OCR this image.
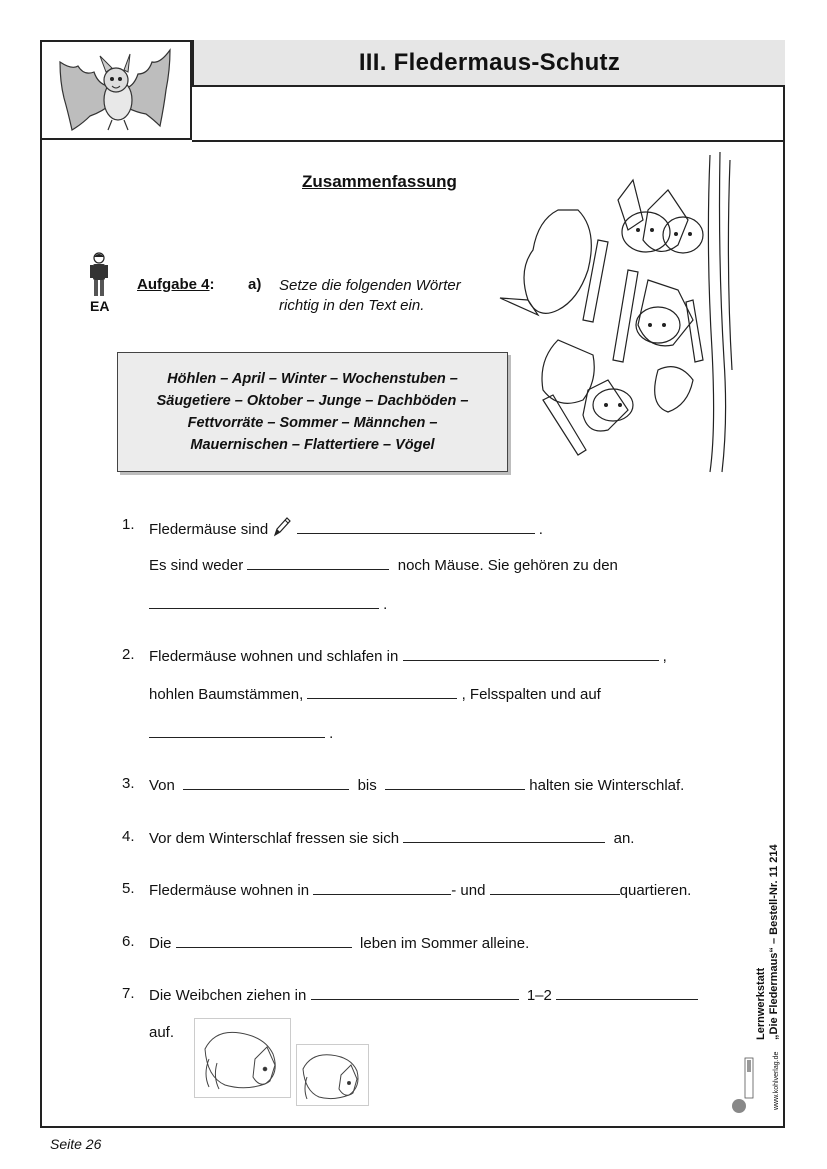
III. Fledermaus-Schutz
Zusammenfassung
EA
Aufgabe 4: a) Setze die folgenden Wörter richtig in den Text ein.
Höhlen – April – Winter – Wochenstuben –
Säugetiere – Oktober – Junge – Dachböden –
Fettvorräte – Sommer – Männchen –
Mauernischen – Flattertiere – Vögel
1. Fledermäuse sind	.
Es sind weder	noch Mäuse. Sie gehören zu den
.
2. Fledermäuse wohnen und schlafen in	,
hohlen Baumstämmen,	, Felsspalten und auf
.
3. Von	bis	halten sie Winterschlaf.
4. Vor dem Winterschlaf fressen sie sich	an.
5. Fledermäuse wohnen in	- und	quartieren.
6. Die	leben im Sommer alleine.
7. Die Weibchen ziehen in	1–2
auf.	Lernwerkstatt „Die Fledermaus“ – Bestell-Nr. 11 214
www.kohlverlag.de
Seite 26
